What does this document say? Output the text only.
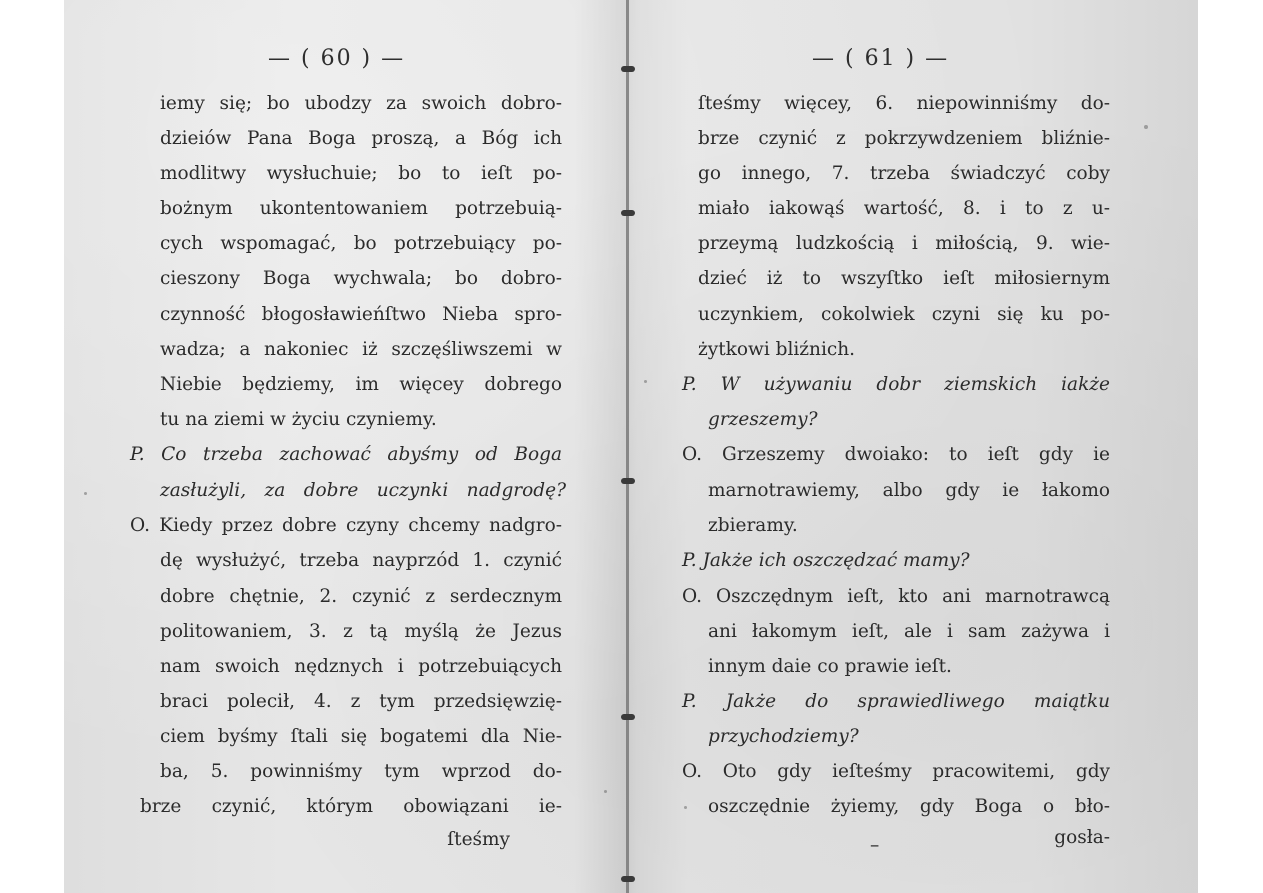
— ( 60 ) —
iemy się; bo ubodzy za swoich dobro-
dzieiów Pana Boga proszą, a Bóg ich
modlitwy wysłuchuie; bo to ieſt po-
bożnym ukontentowaniem potrzebuią-
cych wspomagać, bo potrzebuiący po-
cieszony Boga wychwala; bo dobro-
czynność błogosławieńſtwo Nieba spro-
wadza; a nakoniec iż szczęśliwszemi w
Niebie będziemy, im więcey dobrego
tu na ziemi w życiu czyniemy.
P. Co trzeba zachować abyśmy od Boga
zasłużyli, za dobre uczynki nadgrodę?
O. Kiedy przez dobre czyny chcemy nadgro-
dę wysłużyć, trzeba nayprzód 1. czynić
dobre chętnie, 2. czynić z serdecznym
politowaniem, 3. z tą myślą że Jezus
nam swoich nędznych i potrzebuiących
braci polecił, 4. z tym przedsięwzię-
ciem byśmy ſtali się bogatemi dla Nie-
ba, 5. powinniśmy tym wprzod do-
brze czynić, którym obowiązani ie-
ſteśmy
— ( 61 ) —
ſteśmy więcey, 6. niepowinniśmy do-
brze czynić z pokrzywdzeniem bliźnie-
go innego, 7. trzeba świadczyć coby
miało iakowąś wartość, 8. i to z u-
przeymą ludzkością i miłością, 9. wie-
dzieć iż to wszyſtko ieſt miłosiernym
uczynkiem, cokolwiek czyni się ku po-
żytkowi bliźnich.
P. W używaniu dobr ziemskich iakże
grzeszemy?
O. Grzeszemy dwoiako: to ieſt gdy ie
marnotrawiemy, albo gdy ie łakomo
zbieramy.
P. Jakże ich oszczędzać mamy?
O. Oszczędnym ieſt, kto ani marnotrawcą
ani łakomym ieſt, ale i sam zażywa i
innym daie co prawie ieſt.
P. Jakże do sprawiedliwego maiątku
przychodziemy?
O. Oto gdy ieſteśmy pracowitemi, gdy
oszczędnie żyiemy, gdy Boga o bło-
–	gosła-
